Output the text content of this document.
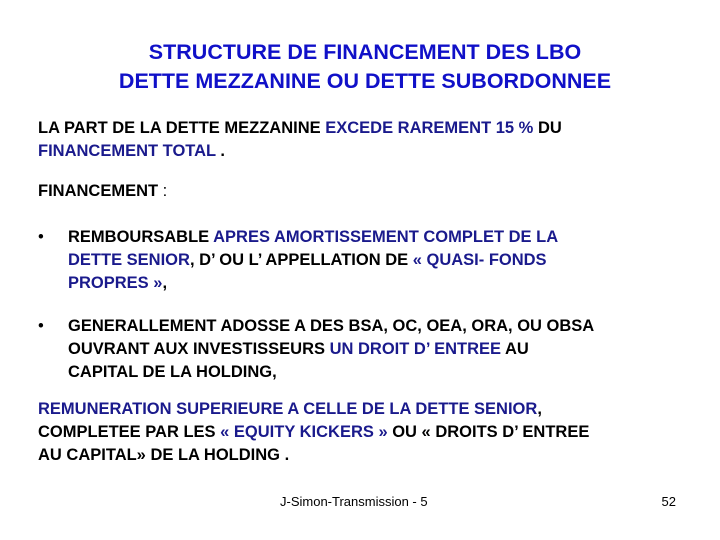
STRUCTURE DE FINANCEMENT DES LBO
DETTE MEZZANINE OU DETTE SUBORDONNEE
LA PART DE LA DETTE MEZZANINE EXCEDE RAREMENT 15 % DU
FINANCEMENT TOTAL .
FINANCEMENT :
• REMBOURSABLE APRES AMORTISSEMENT COMPLET DE LA
DETTE SENIOR, D’ OU L’ APPELLATION DE « QUASI- FONDS
PROPRES »,
• GENERALLEMENT ADOSSE A DES BSA, OC, OEA, ORA, OU OBSA
OUVRANT AUX INVESTISSEURS UN DROIT D’ ENTREE AU
CAPITAL DE LA HOLDING,
REMUNERATION SUPERIEURE A CELLE DE LA DETTE SENIOR,
COMPLETEE PAR LES « EQUITY KICKERS » OU « DROITS D’ ENTREE
AU CAPITAL» DE LA HOLDING .
J-Simon-Transmission - 5	52
